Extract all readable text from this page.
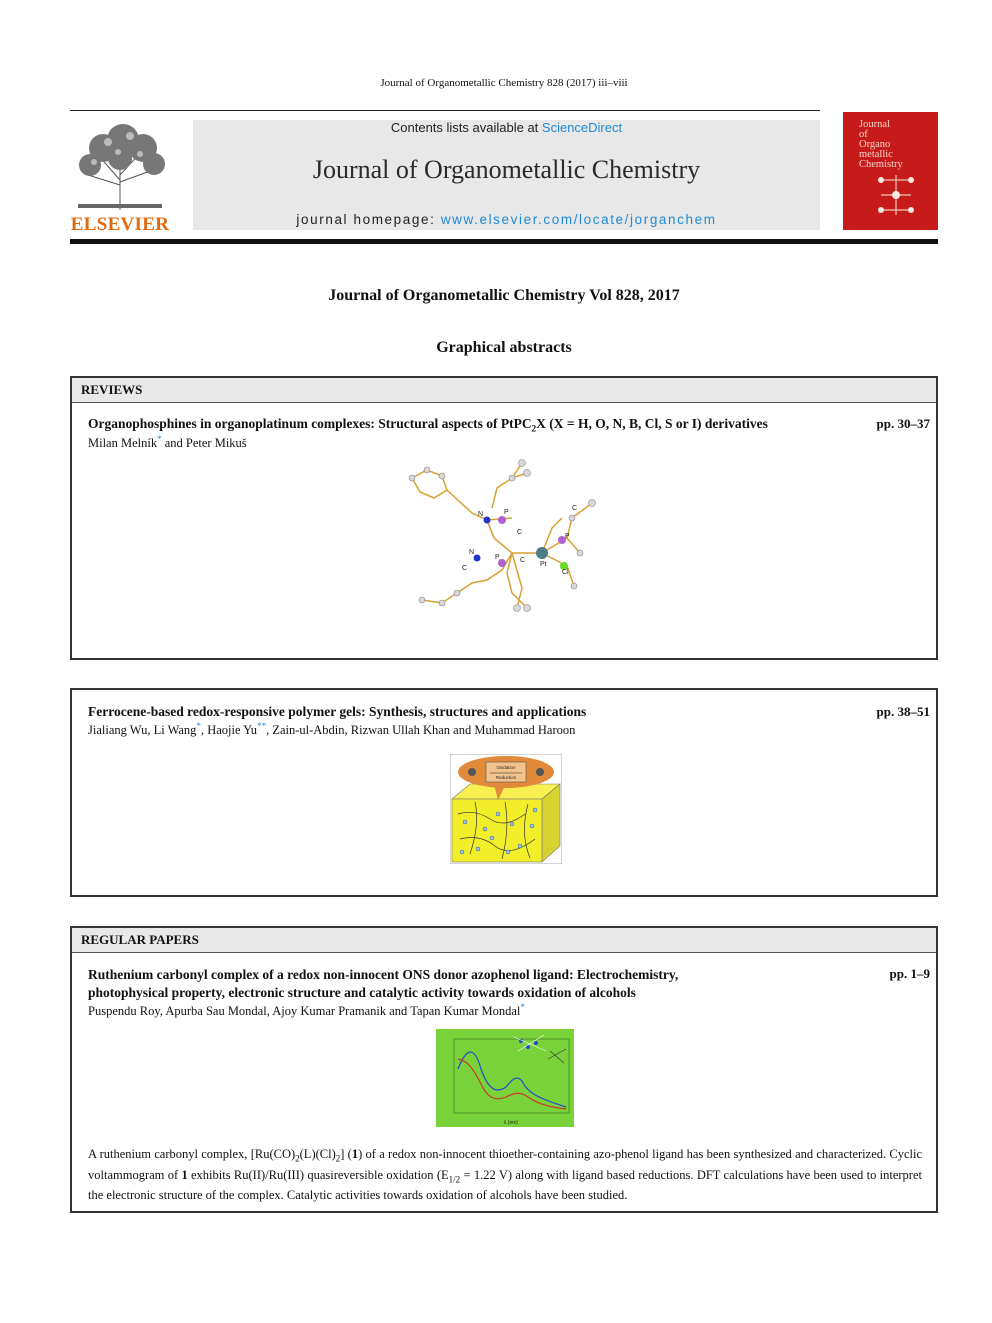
Journal of Organometallic Chemistry 828 (2017) iii–viii
ELSEVIER
Contents lists available at ScienceDirect
Journal of Organometallic Chemistry
journal homepage: www.elsevier.com/locate/jorganchem
Journal
of
Organo
metallic
Chemistry
Journal of Organometallic Chemistry Vol 828, 2017
Graphical abstracts
REVIEWS
Organophosphines in organoplatinum complexes: Structural aspects of PtPC$_2$X (X = H, O, N, B, Cl, S or I) derivatives	pp. 30–37
Milan Melník* and Peter Mikuš
N	P
C
N
P	C
C
Pt
P
Cl
C
Ferrocene-based redox-responsive polymer gels: Synthesis, structures and applications	pp. 38–51
Jialiang Wu, Li Wang*, Haojie Yu**, Zain-ul-Abdin, Rizwan Ullah Khan and Muhammad Haroon
Oxidation
Reduction
REGULAR PAPERS
Ruthenium carbonyl complex of a redox non-innocent ONS donor azophenol ligand: Electrochemistry,
photophysical property, electronic structure and catalytic activity towards oxidation of alcohols
pp. 1–9
Puspendu Roy, Apurba Sau Mondal, Ajoy Kumar Pramanik and Tapan Kumar Mondal*
λ (nm)
A ruthenium carbonyl complex, $[Ru(CO)_2(L)(Cl)_2]$ (1) of a redox non-innocent thioether-containing azo-phenol ligand has been synthesized and characterized. Cyclic voltammogram of 1 exhibits Ru(II)/Ru(III) quasireversible oxidation ($E_{1/2} = 1.22$ V) along with ligand based reductions. DFT calculations have been used to interpret the electronic structure of the complex. Catalytic activities towards oxidation of alcohols have been studied.
